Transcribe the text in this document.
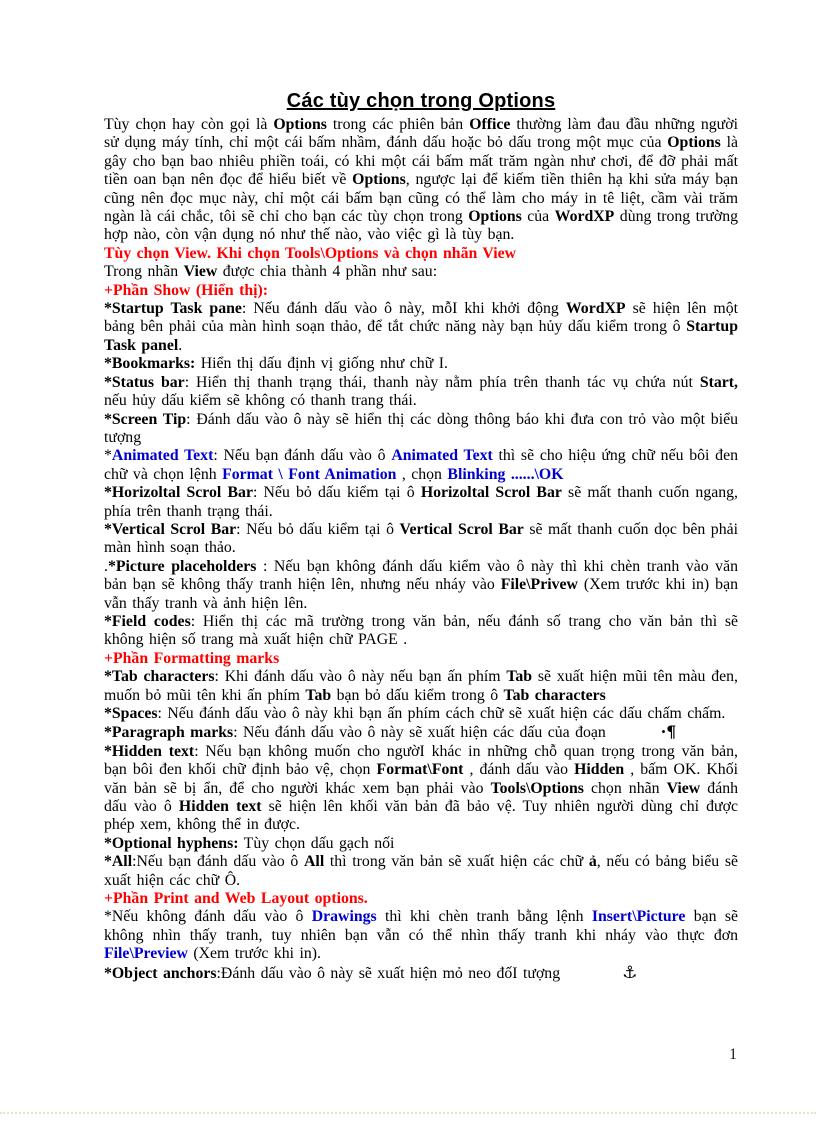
Các tùy chọn trong Options

Tùy chọn hay còn gọi là Options trong các phiên bản Office thường làm đau đầu những người sử dụng máy tính, chỉ một cái bấm nhầm, đánh dấu hoặc bỏ dấu trong một mục của Options là gây cho bạn bao nhiêu phiền toái, có khi một cái bấm mất trăm ngàn như chơi, để đỡ phải mất tiền oan bạn nên đọc để hiểu biết về Options, ngược lại để kiếm tiền thiên hạ khi sửa máy bạn cũng nên đọc mục này, chỉ một cái bấm bạn cũng có thể làm cho máy in tê liệt, cầm vài trăm ngàn là cái chắc, tôi sẽ chỉ cho bạn các tùy chọn trong Options của WordXP dùng trong trường hợp nào, còn vận dụng nó như thế nào, vào việc gì là tùy bạn.

Tùy chọn View. Khi chọn Tools\Options và chọn nhãn View

Trong nhãn View được chia thành 4 phần như sau:

+Phần Show (Hiển thị):

*Startup Task pane: Nếu đánh dấu vào ô này, mỗI khi khởi động WordXP sẽ hiện lên một bảng bên phải của màn hình soạn thảo, để tắt chức năng này bạn hủy dấu kiểm trong ô Startup Task panel.

*Bookmarks: Hiển thị dấu định vị giống như chữ I.

*Status bar: Hiển thị thanh trạng thái, thanh này nằm phía trên thanh tác vụ chứa nút Start, nếu hủy dấu kiểm sẽ không có thanh trang thái.

*Screen Tip: Đánh dấu vào ô này sẽ hiển thị các dòng thông báo khi đưa con trỏ vào một biểu tượng

*Animated Text: Nếu bạn đánh dấu vào ô Animated Text thì sẽ cho hiệu ứng chữ nếu bôi đen chữ và chọn lệnh Format \ Font Animation , chọn Blinking ......\OK

*Horizoltal Scrol Bar: Nếu bỏ dấu kiểm tại ô Horizoltal Scrol Bar sẽ mất thanh cuốn ngang, phía trên thanh trạng thái.

*Vertical Scrol Bar: Nếu bỏ dấu kiểm tại ô Vertical Scrol Bar sẽ mất thanh cuốn dọc bên phải màn hình soạn thảo.

.*Picture placeholders : Nếu bạn không đánh dấu kiểm vào ô này thì khi chèn tranh vào văn bản bạn sẽ không thấy tranh hiện lên, nhưng nếu nháy vào File\Privew (Xem trước khi in) bạn vẫn thấy tranh và ảnh hiện lên.

*Field codes: Hiển thị các mã trường trong văn bản, nếu đánh số trang cho văn bản thì sẽ không hiện số trang mà xuất hiện chữ PAGE .

+Phần Formatting marks

*Tab characters: Khi đánh dấu vào ô này nếu bạn ấn phím Tab sẽ xuất hiện mũi tên màu đen, muốn bỏ mũi tên khi ấn phím Tab bạn bỏ dấu kiểm trong ô Tab characters

*Spaces: Nếu đánh dấu vào ô này khi bạn ấn phím cách chữ sẽ xuất hiện các dấu chấm chấm.

*Paragraph marks: Nếu đánh dấu vào ô này sẽ xuất hiện các dấu của đoạn	·¶

*Hidden text: Nếu bạn không muốn cho ngườI khác in những chỗ quan trọng trong văn bản, bạn bôi đen khối chữ định bảo vệ, chọn Format\Font , đánh dấu vào Hidden , bấm OK. Khối văn bản sẽ bị ẩn, để cho người khác xem bạn phải vào Tools\Options chọn nhãn View đánh dấu vào ô Hidden text sẽ hiện lên khối văn bản đã bảo vệ. Tuy nhiên người dùng chỉ được phép xem, không thể in được.

*Optional hyphens: Tùy chọn dấu gạch nối

*All:Nếu bạn đánh dấu vào ô All thì trong văn bản sẽ xuất hiện các chữ ả, nếu có bảng biểu sẽ xuất hiện các chữ Ô.

+Phần Print and Web Layout options.

*Nếu không đánh dấu vào ô Drawings thì khi chèn tranh bằng lệnh Insert\Picture bạn sẽ không nhìn thấy tranh, tuy nhiên bạn vẫn có thể nhìn thấy tranh khi nháy vào thực đơn File\Preview (Xem trước khi in).

*Object anchors:Đánh dấu vào ô này sẽ xuất hiện mỏ neo đốI tượng	⚓

1
